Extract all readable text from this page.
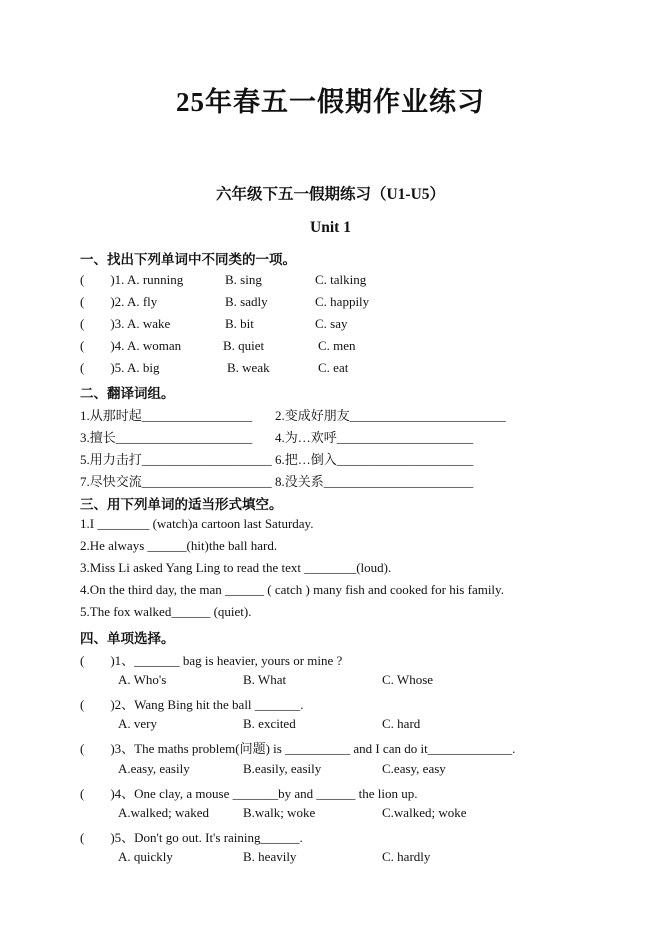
25年春五一假期作业练习
六年级下五一假期练习（U1-U5）
Unit 1
一、找出下列单词中不同类的一项。
(        )1. A. running	B. sing	C. talking
(        )2. A. fly	B. sadly	C. happily
(        )3. A. wake	B. bit	C. say
(        )4. A. woman	B. quiet	C. men
(        )5. A. big	B. weak	C. eat
二、翻译词组。
1.从那时起_________________ 2.变成好朋友________________________
3.擅长_____________________ 4.为…欢呼_____________________
5.用力击打____________________ 6.把…倒入_____________________
7.尽快交流____________________ 8.没关系_______________________
三、用下列单词的适当形式填空。
1.I ________ (watch)a cartoon last Saturday.
2.He always ______(hit)the ball hard.
3.Miss Li asked Yang Ling to read the text ________(loud).
4.On the third day, the man ______ ( catch ) many fish and cooked for his family.
5.The fox walked______ (quiet).
四、单项选择。
(        )1、_______ bag is heavier, yours or mine ?
A. Who's	B. What	C. Whose
(        )2、Wang Bing hit the ball _______.
A. very	B. excited	C. hard
(        )3、The maths problem(问题) is __________ and I can do it_____________.
A.easy, easily	B.easily, easily	C.easy, easy
(        )4、One clay, a mouse _______by and ______ the lion up.
A.walked; waked	B.walk; woke	C.walked; woke
(        )5、Don't go out. It's raining______.
A. quickly	B. heavily	C. hardly
